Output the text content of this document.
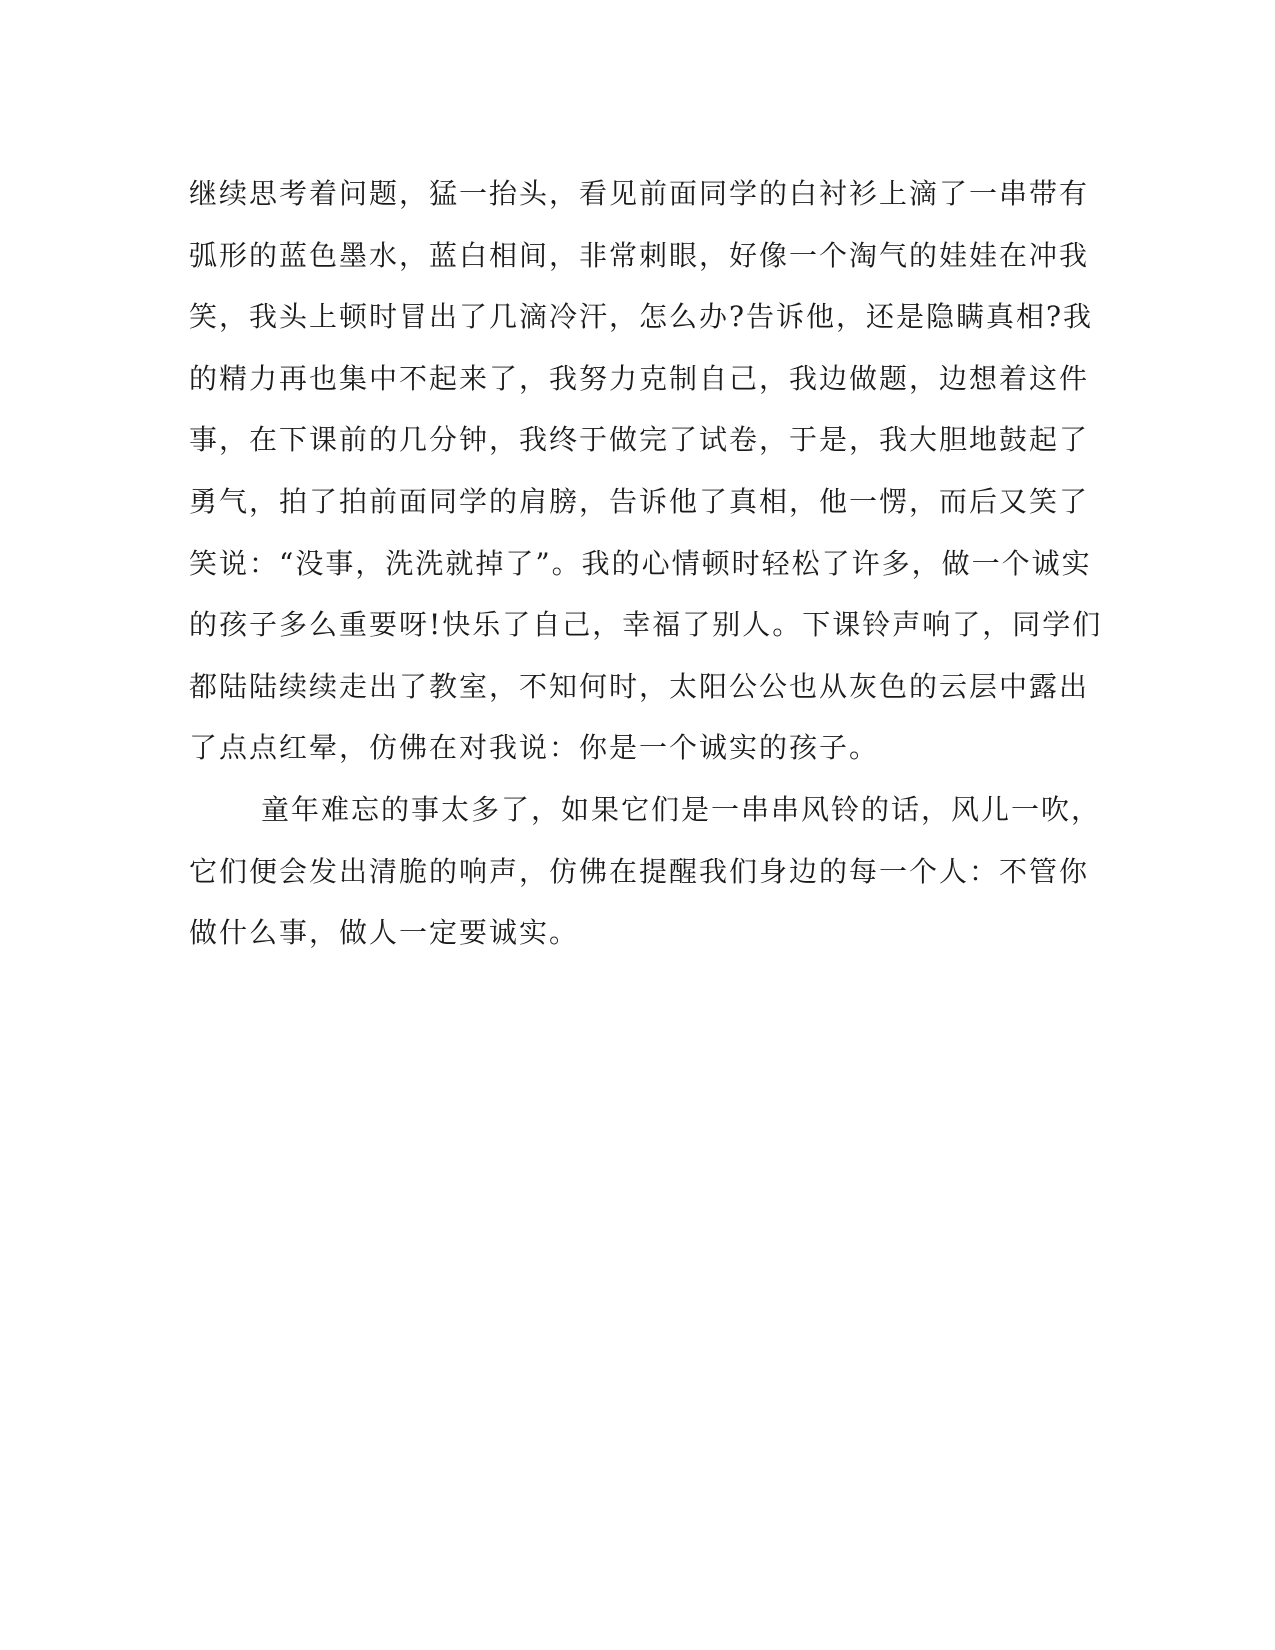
继续思考着问题，猛一抬头，看见前面同学的白衬衫上滴了一串带有
弧形的蓝色墨水，蓝白相间，非常刺眼，好像一个淘气的娃娃在冲我
笑，我头上顿时冒出了几滴冷汗，怎么办?告诉他，还是隐瞒真相?我
的精力再也集中不起来了，我努力克制自己，我边做题，边想着这件
事，在下课前的几分钟，我终于做完了试卷，于是，我大胆地鼓起了
勇气，拍了拍前面同学的肩膀，告诉他了真相，他一愣，而后又笑了
笑说：“没事，洗洗就掉了”。我的心情顿时轻松了许多，做一个诚实
的孩子多么重要呀!快乐了自己，幸福了别人。下课铃声响了，同学们
都陆陆续续走出了教室，不知何时，太阳公公也从灰色的云层中露出
了点点红晕，仿佛在对我说：你是一个诚实的孩子。
童年难忘的事太多了，如果它们是一串串风铃的话，风儿一吹，
它们便会发出清脆的响声，仿佛在提醒我们身边的每一个人：不管你
做什么事，做人一定要诚实。
